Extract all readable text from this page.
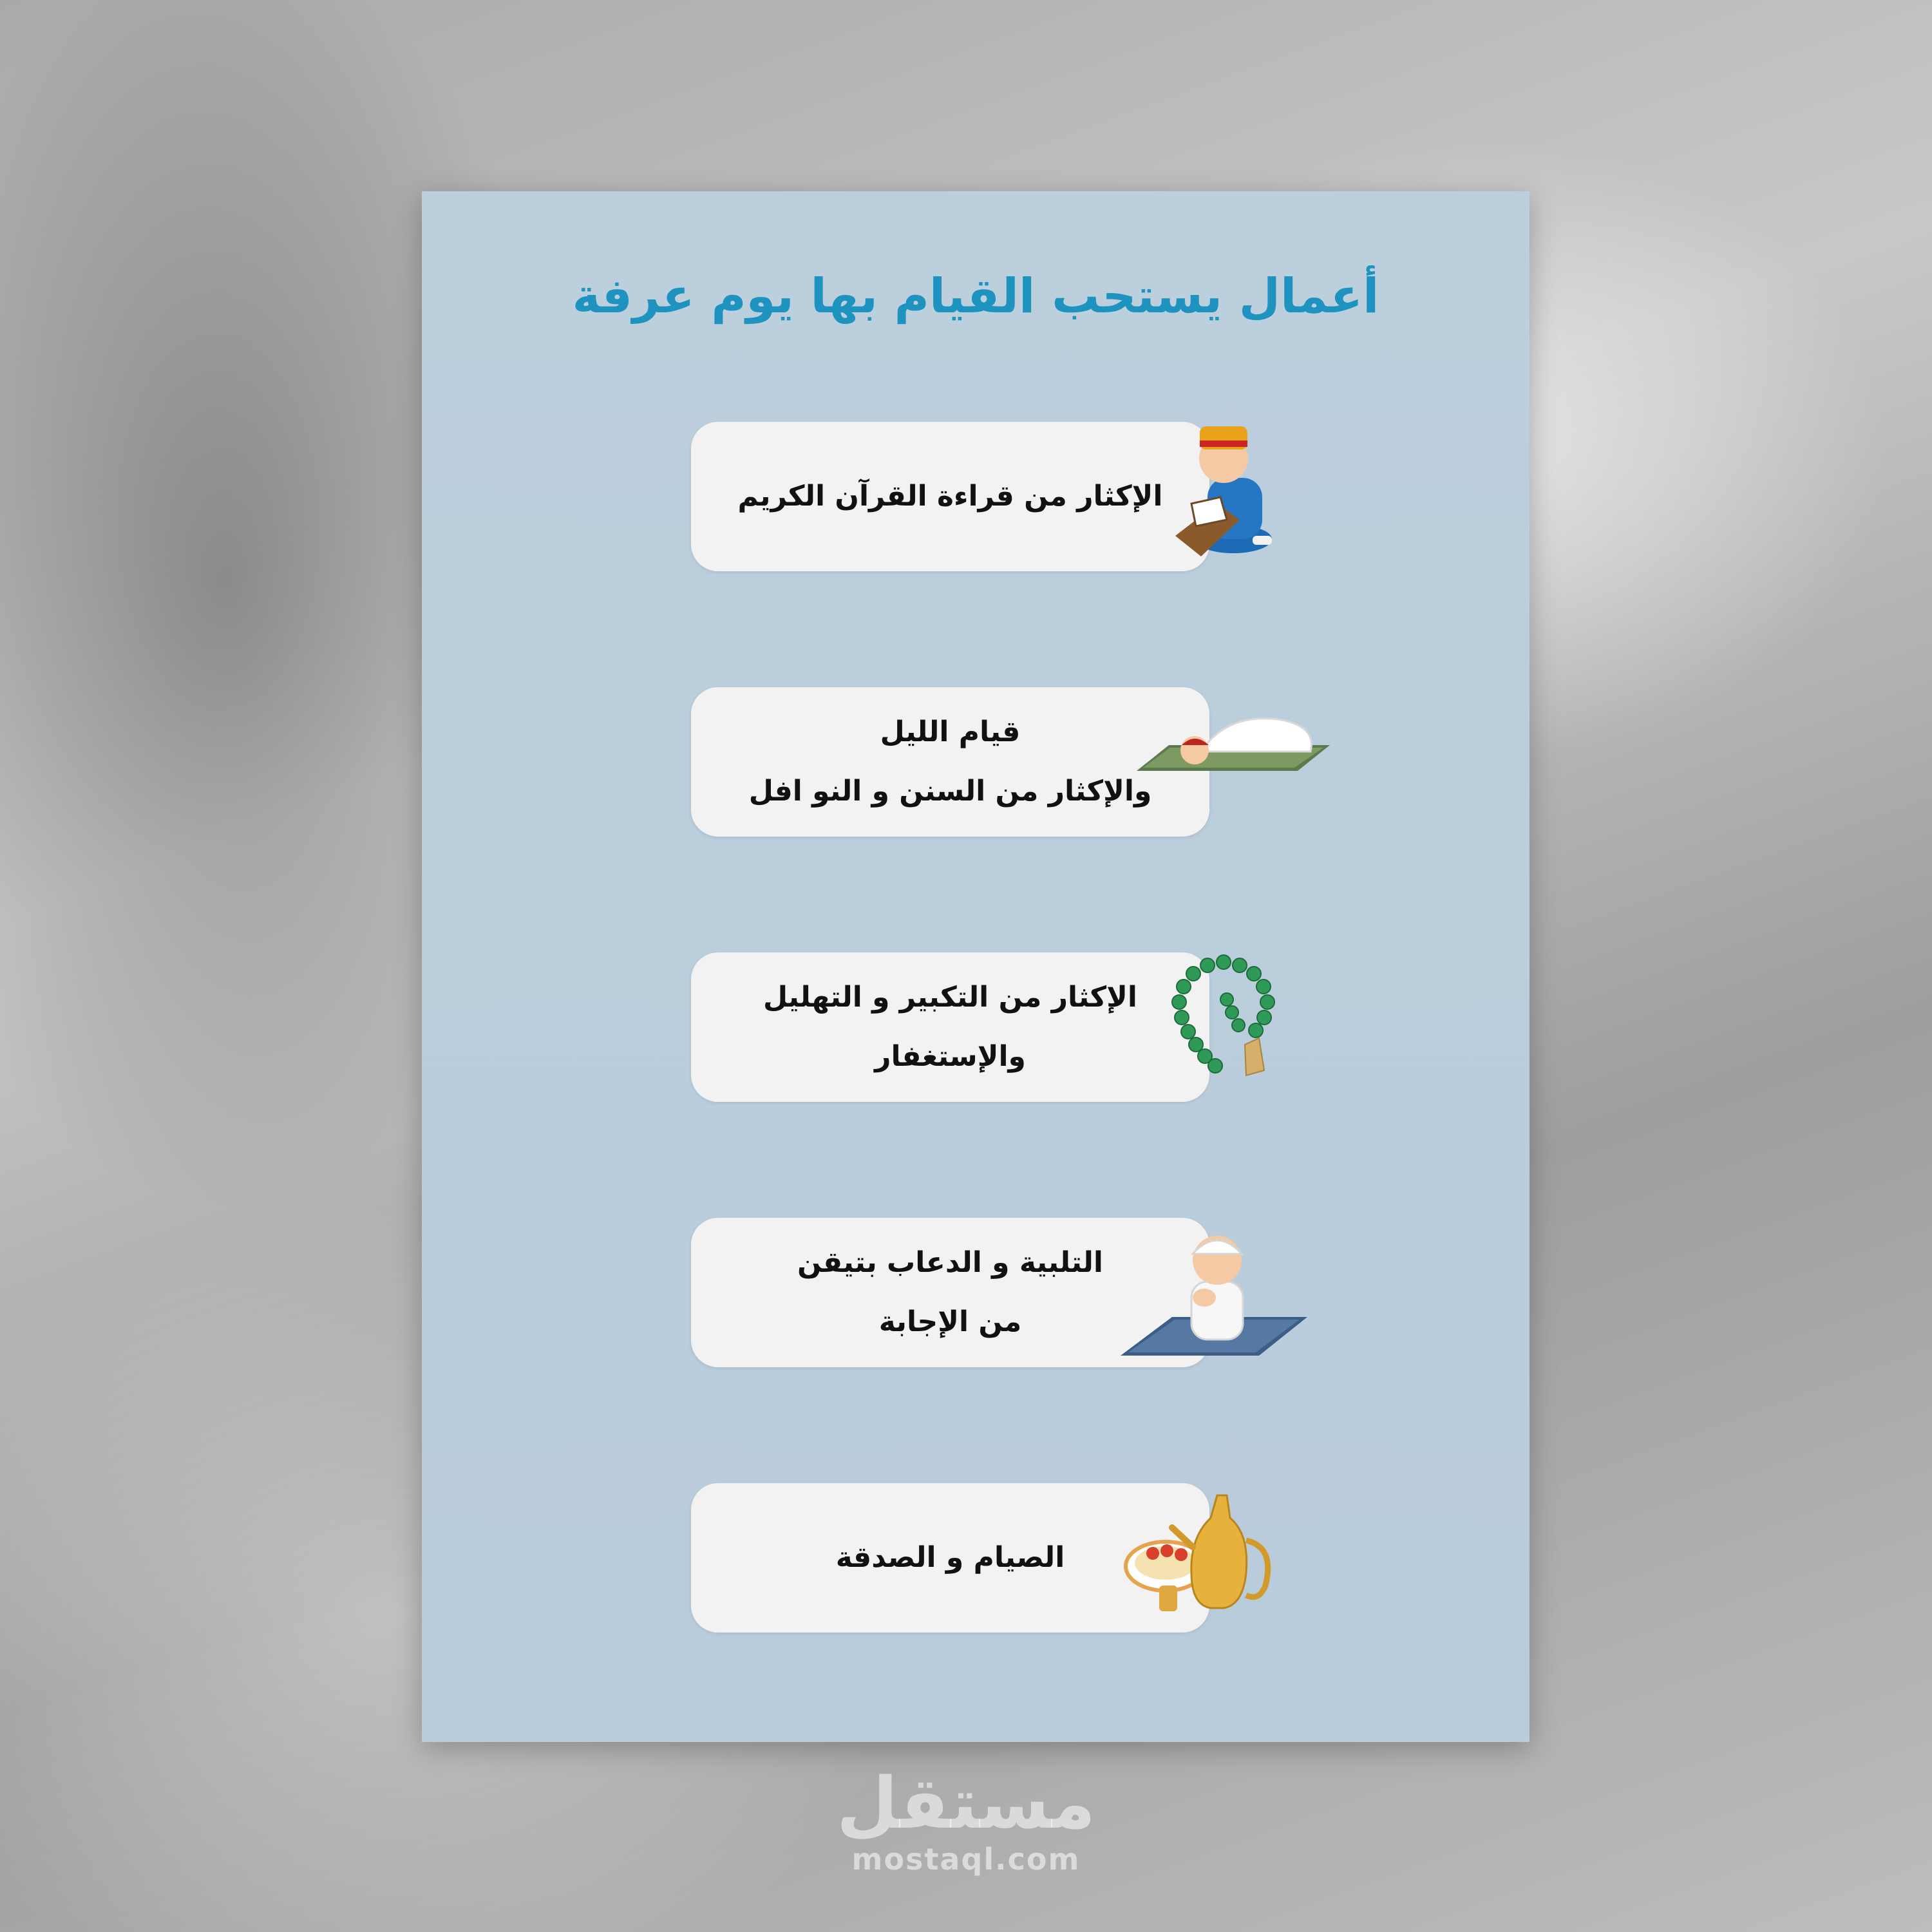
أعمال يستحب القيام بها يوم عرفة
الإكثار من قراءة القرآن الكريم
قيام الليل
والإكثار من السنن و النو افل
الإكثار من التكبير و التهليل
والإستغفار
التلبية و الدعاب بتيقن
من الإجابة
الصيام و الصدقة
مستقل
mostaql.com
